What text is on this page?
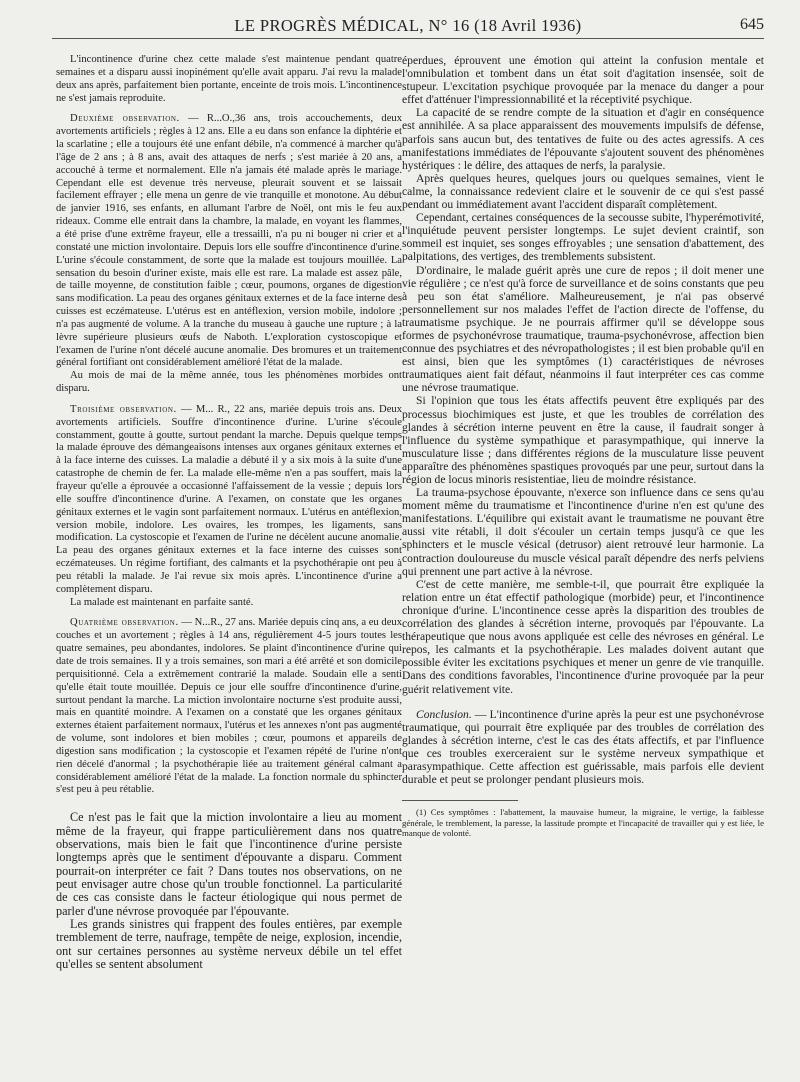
LE PROGRÈS MÉDICAL, N° 16 (18 Avril 1936)	645

L'incontinence d'urine chez cette malade s'est maintenue pendant quatre semaines et a disparu aussi inopinément qu'elle avait apparu. J'ai revu la malade deux ans après, parfaitement bien portante, enceinte de trois mois. L'incontinence ne s'est jamais reproduite.

Deuxième observation. — R...O.,36 ans, trois accouchements, deux avortements artificiels ; règles à 12 ans. Elle a eu dans son enfance la diphtérie et la scarlatine ; elle a toujours été une enfant débile, n'a commencé à marcher qu'à l'âge de 2 ans ; à 8 ans, avait des attaques de nerfs ; s'est mariée à 20 ans, a accouché à terme et normalement. Elle n'a jamais été malade après le mariage. Cependant elle est devenue très nerveuse, pleurait souvent et se laissait facilement effrayer ; elle mena un genre de vie tranquille et monotone. Au début de janvier 1916, ses enfants, en allumant l'arbre de Noël, ont mis le feu aux rideaux. Comme elle entrait dans la chambre, la malade, en voyant les flammes, a été prise d'une extrême frayeur, elle a tressailli, n'a pu ni bouger ni crier et a constaté une miction involontaire. Depuis lors elle souffre d'incontinence d'urine. L'urine s'écoule constamment, de sorte que la malade est toujours mouillée. La sensation du besoin d'uriner existe, mais elle est rare. La malade est assez pâle, de taille moyenne, de constitution faible ; cœur, poumons, organes de digestion sans modification. La peau des organes génitaux externes et de la face interne des cuisses est eczémateuse. L'utérus est en antéflexion, version mobile, indolore ; n'a pas augmenté de volume. A la tranche du museau à gauche une rupture ; à la lèvre supérieure plusieurs œufs de Naboth. L'exploration cystoscopique et l'examen de l'urine n'ont décelé aucune anomalie. Des bromures et un traitement général fortifiant ont considérablement amélioré l'état de la malade.

Au mois de mai de la même année, tous les phénomènes morbides ont disparu.

Troisième observation. — M... R., 22 ans, mariée depuis trois ans. Deux avortements artificiels. Souffre d'incontinence d'urine. L'urine s'écoule constamment, goutte à goutte, surtout pendant la marche. Depuis quelque temps la malade éprouve des démangeaisons intenses aux organes génitaux externes et à la face interne des cuisses. La maladie a débuté il y a six mois à la suite d'une catastrophe de chemin de fer. La malade elle-même n'en a pas souffert, mais la frayeur qu'elle a éprouvée a occasionné l'affaissement de la vessie ; depuis lors elle souffre d'incontinence d'urine. A l'examen, on constate que les organes génitaux externes et le vagin sont parfaitement normaux. L'utérus en antéflexion, version mobile, indolore. Les ovaires, les trompes, les ligaments, sans modification. La cystoscopie et l'examen de l'urine ne décèlent aucune anomalie. La peau des organes génitaux externes et la face interne des cuisses sont eczémateuses. Un régime fortifiant, des calmants et la psychothérapie ont peu à peu rétabli la malade. Je l'ai revue six mois après. L'incontinence d'urine a complètement disparu.

La malade est maintenant en parfaite santé.

Quatrième observation. — N...R., 27 ans. Mariée depuis cinq ans, a eu deux couches et un avortement ; règles à 14 ans, régulièrement 4-5 jours toutes les quatre semaines, peu abondantes, indolores. Se plaint d'incontinence d'urine qui date de trois semaines. Il y a trois semaines, son mari a été arrêté et son domicile perquisitionné. Cela a extrêmement contrarié la malade. Soudain elle a senti qu'elle était toute mouillée. Depuis ce jour elle souffre d'incontinence d'urine, surtout pendant la marche. La miction involontaire nocturne s'est produite aussi, mais en quantité moindre. A l'examen on a constaté que les organes génitaux externes étaient parfaitement normaux, l'utérus et les annexes n'ont pas augmenté de volume, sont indolores et bien mobiles ; cœur, poumons et appareils de digestion sans modification ; la cystoscopie et l'examen répété de l'urine n'ont rien décelé d'anormal ; la psychothérapie liée au traitement général calmant a considérablement amélioré l'état de la malade. La fonction normale du sphincter s'est peu à peu rétablie.

Ce n'est pas le fait que la miction involontaire a lieu au moment même de la frayeur, qui frappe particulièrement dans nos quatre observations, mais bien le fait que l'incontinence d'urine persiste longtemps après que le sentiment d'épouvante a disparu. Comment pourrait-on interpréter ce fait ? Dans toutes nos observations, on ne peut envisager autre chose qu'un trouble fonctionnel. La particularité de ces cas consiste dans le facteur étiologique qui nous permet de parler d'une névrose provoquée par l'épouvante.

Les grands sinistres qui frappent des foules entières, par exemple tremblement de terre, naufrage, tempête de neige, explosion, incendie, ont sur certaines personnes au système nerveux débile un tel effet qu'elles se sentent absolument

éperdues, éprouvent une émotion qui atteint la confusion mentale et l'omnibulation et tombent dans un état soit d'agitation insensée, soit de stupeur. L'excitation psychique provoquée par la menace du danger a pour effet d'atténuer l'impressionnabilité et la réceptivité psychique.

La capacité de se rendre compte de la situation et d'agir en conséquence est annihilée. A sa place apparaissent des mouvements impulsifs de défense, parfois sans aucun but, des tentatives de fuite ou des actes agressifs. A ces manifestations immédiates de l'épouvante s'ajoutent souvent des phénomènes hystériques : le délire, des attaques de nerfs, la paralysie.

Après quelques heures, quelques jours ou quelques semaines, vient le calme, la connaissance redevient claire et le souvenir de ce qui s'est passé pendant ou immédiatement avant l'accident disparaît complètement.

Cependant, certaines conséquences de la secousse subite, l'hyperémotivité, l'inquiétude peuvent persister longtemps. Le sujet devient craintif, son sommeil est inquiet, ses songes effroyables ; une sensation d'abattement, des palpitations, des vertiges, des tremblements subsistent.

D'ordinaire, le malade guérit après une cure de repos ; il doit mener une vie régulière ; ce n'est qu'à force de surveillance et de soins constants que peu à peu son état s'améliore. Malheureusement, je n'ai pas observé personnellement sur nos malades l'effet de l'action directe de l'offense, du traumatisme psychique. Je ne pourrais affirmer qu'il se développe sous formes de psychonévrose traumatique, trauma-psychonévrose, affection bien connue des psychiatres et des névropathologistes ; il est bien probable qu'il en est ainsi, bien que les symptômes (1) caractéristiques de névroses traumatiques aient fait défaut, néanmoins il faut interpréter ces cas comme une névrose traumatique.

Si l'opinion que tous les états affectifs peuvent être expliqués par des processus biochimiques est juste, et que les troubles de corrélation des glandes à sécrétion interne peuvent en être la cause, il faudrait songer à l'influence du système sympathique et parasympathique, qui innerve la musculature lisse ; dans différentes régions de la musculature lisse peuvent apparaître des phénomènes spastiques provoqués par une peur, surtout dans la région de locus minoris resistentiae, lieu de moindre résistance.

La trauma-psychose épouvante, n'exerce son influence dans ce sens qu'au moment même du traumatisme et l'incontinence d'urine n'en est qu'une des manifestations. L'équilibre qui existait avant le traumatisme ne pouvant être aussi vite rétabli, il doit s'écouler un certain temps jusqu'à ce que les sphincters et le muscle vésical (detrusor) aient retrouvé leur harmonie. La contraction douloureuse du muscle vésical paraît dépendre des nerfs pelviens qui prennent une part active à la névrose.

C'est de cette manière, me semble-t-il, que pourrait être expliquée la relation entre un état effectif pathologique (morbide) peur, et l'incontinence chronique d'urine. L'incontinence cesse après la disparition des troubles de corrélation des glandes à sécrétion interne, provoqués par l'épouvante. La thérapeutique que nous avons appliquée est celle des névroses en général. Le repos, les calmants et la psychothérapie. Les malades doivent autant que possible éviter les excitations psychiques et mener un genre de vie tranquille. Dans des conditions favorables, l'incontinence d'urine provoquée par la peur guérit relativement vite.

Conclusion. — L'incontinence d'urine après la peur est une psychonévrose traumatique, qui pourrait être expliquée par des troubles de corrélation des glandes à sécrétion interne, c'est le cas des états affectifs, et par l'influence que ces troubles exerceraient sur le système nerveux sympathique et parasympathique. Cette affection est guérissable, mais parfois elle devient durable et peut se prolonger pendant plusieurs mois.

(1) Ces symptômes : l'abattement, la mauvaise humeur, la migraine, le vertige, la faiblesse générale, le tremblement, la paresse, la lassitude prompte et l'incapacité de travailler qui y est liée, le manque de volonté.
